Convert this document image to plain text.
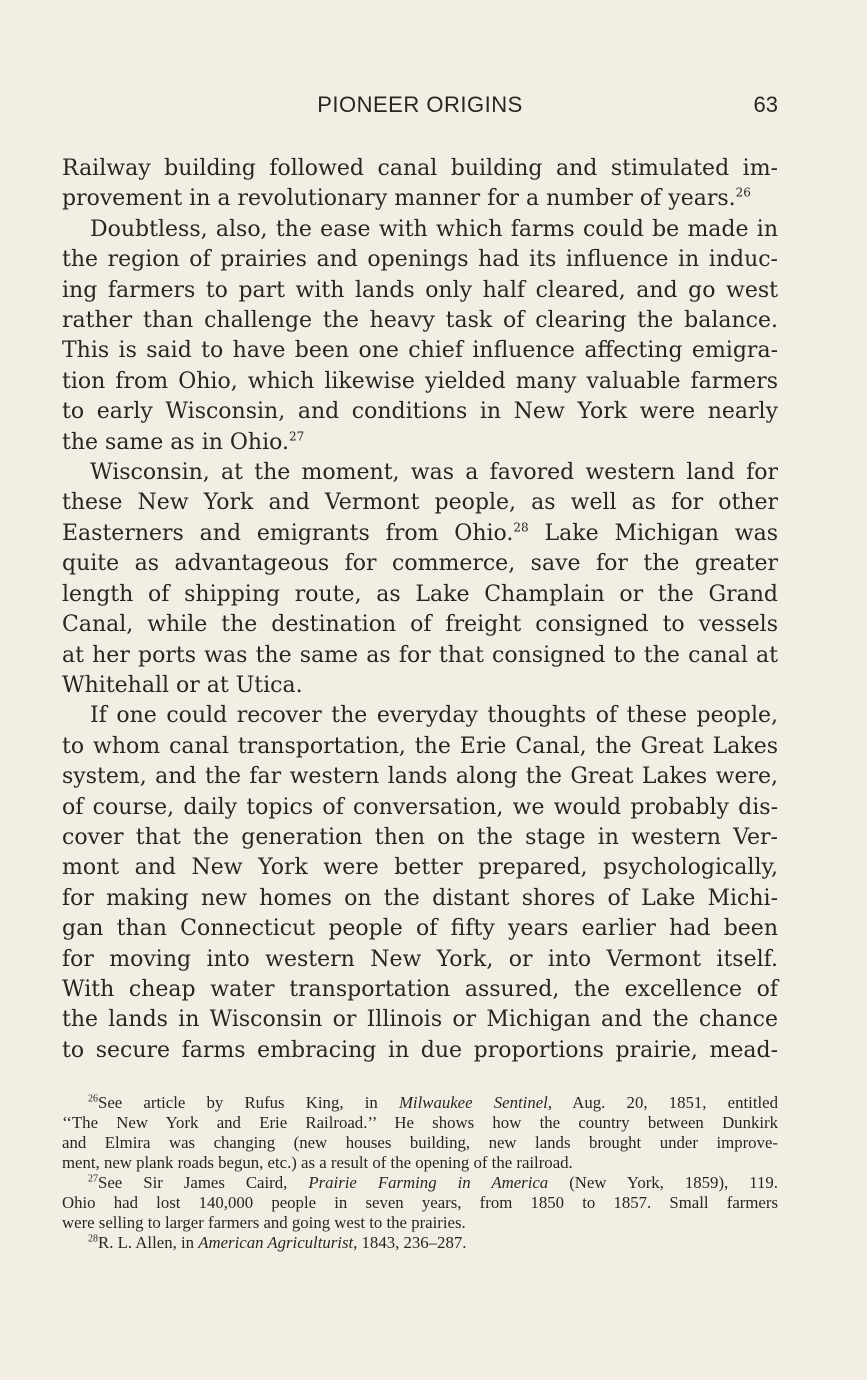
PIONEER ORIGINS	63

Railway building followed canal building and stimulated im-

provement in a revolutionary manner for a number of years.$^{26}$

Doubtless, also, the ease with which farms could be made in

the region of prairies and openings had its influence in induc-

ing farmers to part with lands only half cleared, and go west

rather than challenge the heavy task of clearing the balance.

This is said to have been one chief influence affecting emigra-

tion from Ohio, which likewise yielded many valuable farmers

to early Wisconsin, and conditions in New York were nearly

the same as in Ohio.$^{27}$

Wisconsin, at the moment, was a favored western land for

these New York and Vermont people, as well as for other

Easterners and emigrants from Ohio.$^{28}$ Lake Michigan was

quite as advantageous for commerce, save for the greater

length of shipping route, as Lake Champlain or the Grand

Canal, while the destination of freight consigned to vessels

at her ports was the same as for that consigned to the canal at

Whitehall or at Utica.

If one could recover the everyday thoughts of these people,

to whom canal transportation, the Erie Canal, the Great Lakes

system, and the far western lands along the Great Lakes were,

of course, daily topics of conversation, we would probably dis-

cover that the generation then on the stage in western Ver-

mont and New York were better prepared, psychologically,

for making new homes on the distant shores of Lake Michi-

gan than Connecticut people of fifty years earlier had been

for moving into western New York, or into Vermont itself.

With cheap water transportation assured, the excellence of

the lands in Wisconsin or Illinois or Michigan and the chance

to secure farms embracing in due proportions prairie, mead-

$^{26}$See article by Rufus King, in Milwaukee Sentinel, Aug. 20, 1851, entitled

‘‘The New York and Erie Railroad.’’ He shows how the country between Dunkirk

and Elmira was changing (new houses building, new lands brought under improve-

ment, new plank roads begun, etc.) as a result of the opening of the railroad.

$^{27}$See Sir James Caird, Prairie Farming in America (New York, 1859), 119.

Ohio had lost 140,000 people in seven years, from 1850 to 1857. Small farmers

were selling to larger farmers and going west to the prairies.

$^{28}$R. L. Allen, in American Agriculturist, 1843, 236–287.
